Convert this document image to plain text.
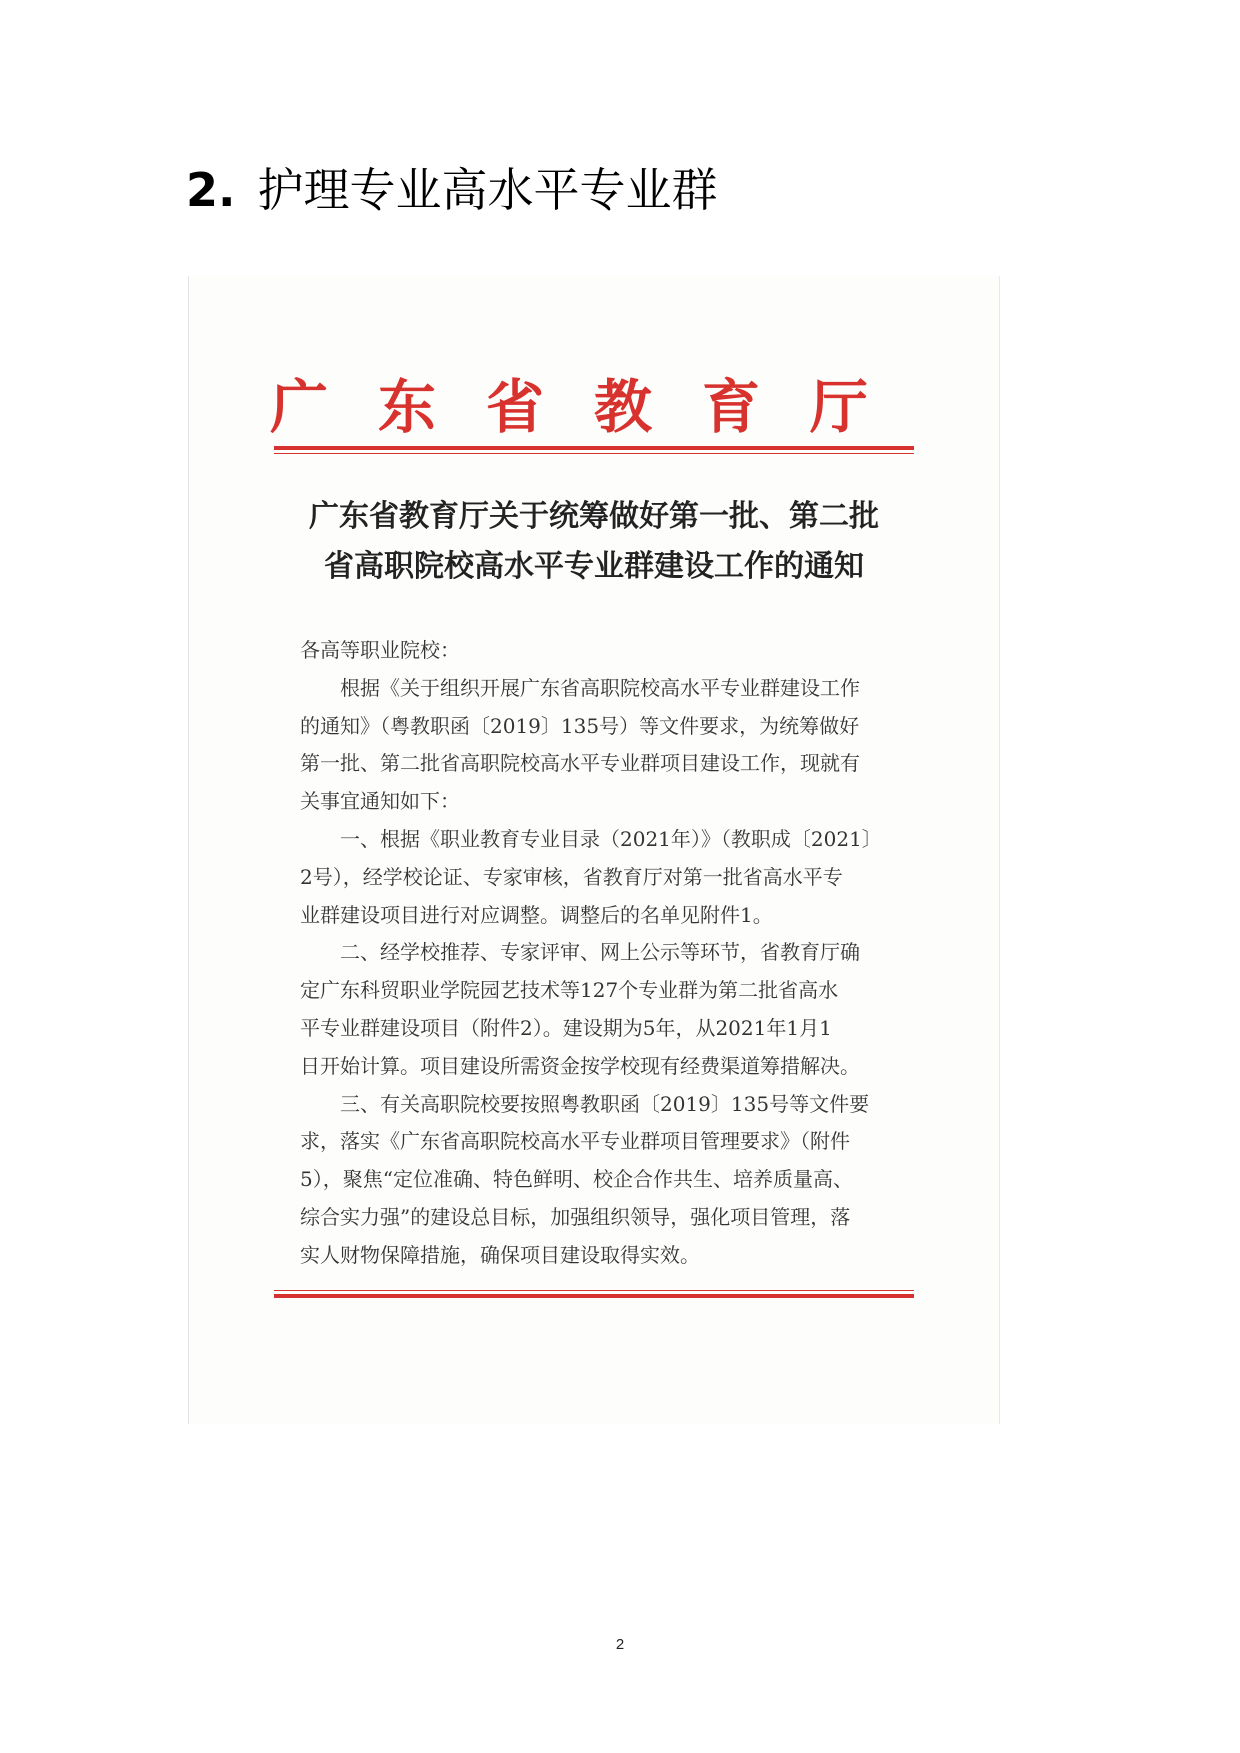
2. 护理专业高水平专业群
广 东 省 教 育 厅
广东省教育厅关于统筹做好第一批、第二批
省高职院校高水平专业群建设工作的通知
各高等职业院校：
　　根据《关于组织开展广东省高职院校高水平专业群建设工作
的通知》（粤教职函〔2019〕135号）等文件要求，为统筹做好
第一批、第二批省高职院校高水平专业群项目建设工作，现就有
关事宜通知如下：
　　一、根据《职业教育专业目录（2021年）》（教职成〔2021〕
2号），经学校论证、专家审核，省教育厅对第一批省高水平专
业群建设项目进行对应调整。调整后的名单见附件1。
　　二、经学校推荐、专家评审、网上公示等环节，省教育厅确
定广东科贸职业学院园艺技术等127个专业群为第二批省高水
平专业群建设项目（附件2）。建设期为5年，从2021年1月1
日开始计算。项目建设所需资金按学校现有经费渠道筹措解决。
　　三、有关高职院校要按照粤教职函〔2019〕135号等文件要
求，落实《广东省高职院校高水平专业群项目管理要求》（附件
5），聚焦“定位准确、特色鲜明、校企合作共生、培养质量高、
综合实力强”的建设总目标，加强组织领导，强化项目管理，落
实人财物保障措施，确保项目建设取得实效。
2
